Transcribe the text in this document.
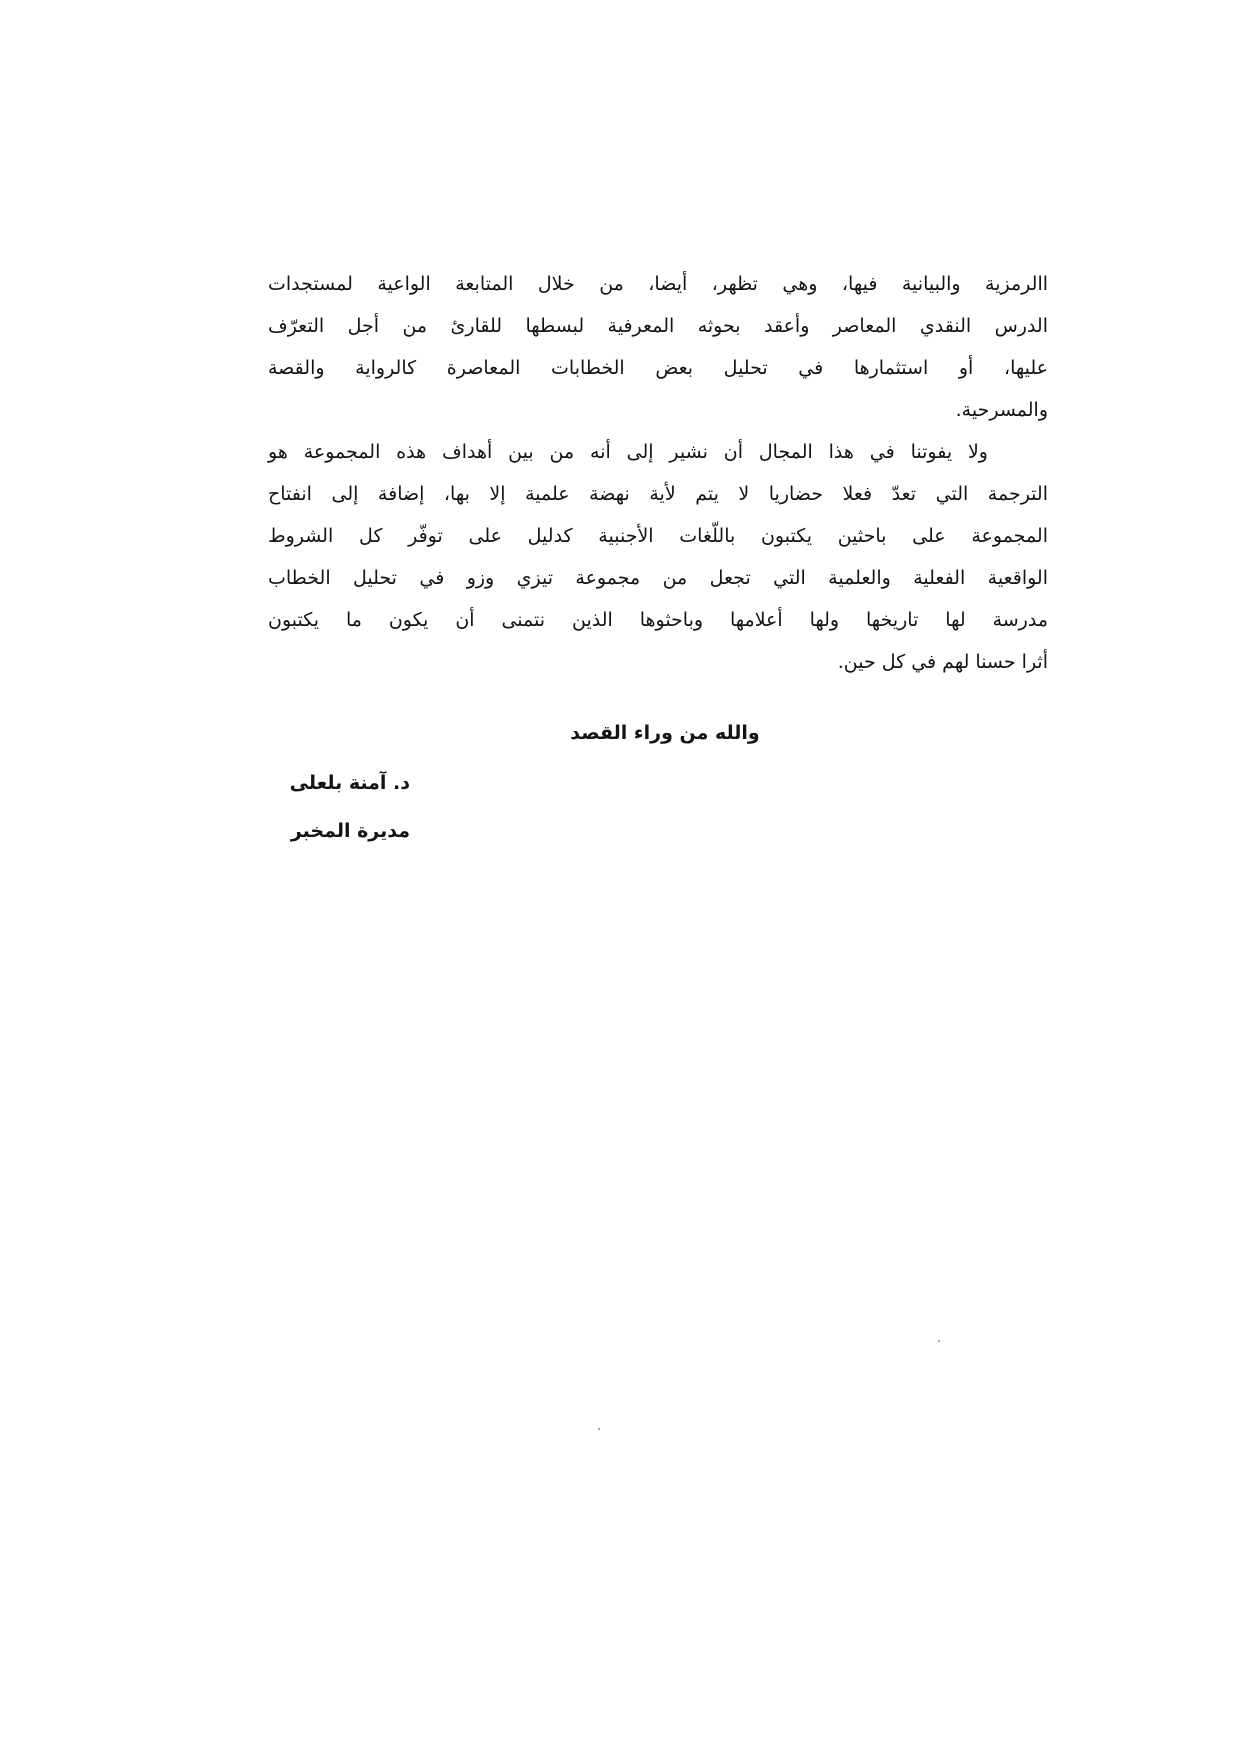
االرمزية والبيانية فيها، وهي تظهر، أيضا، من خلال المتابعة الواعية لمستجدات
الدرس النقدي المعاصر وأعقد بحوثه المعرفية لبسطها للقارئ من أجل التعرّف
عليها، أو استثمارها في تحليل بعض الخطابات المعاصرة كالرواية والقصة
والمسرحية.
ولا يفوتنا في هذا المجال أن نشير إلى أنه من بين أهداف هذه المجموعة هو
الترجمة التي تعدّ فعلا حضاريا لا يتم لأية نهضة علمية إلا بها، إضافة إلى انفتاح
المجموعة على باحثين يكتبون باللّغات الأجنبية كدليل على توفّر كل الشروط
الواقعية الفعلية والعلمية التي تجعل من مجموعة تيزي وزو في تحليل الخطاب
مدرسة لها تاريخها ولها أعلامها وباحثوها الذين نتمنى أن يكون ما يكتبون
أثرا حسنا لهم في كل حين.
والله من وراء القصد
د. آمنة بلعلى
مديرة المخبر
